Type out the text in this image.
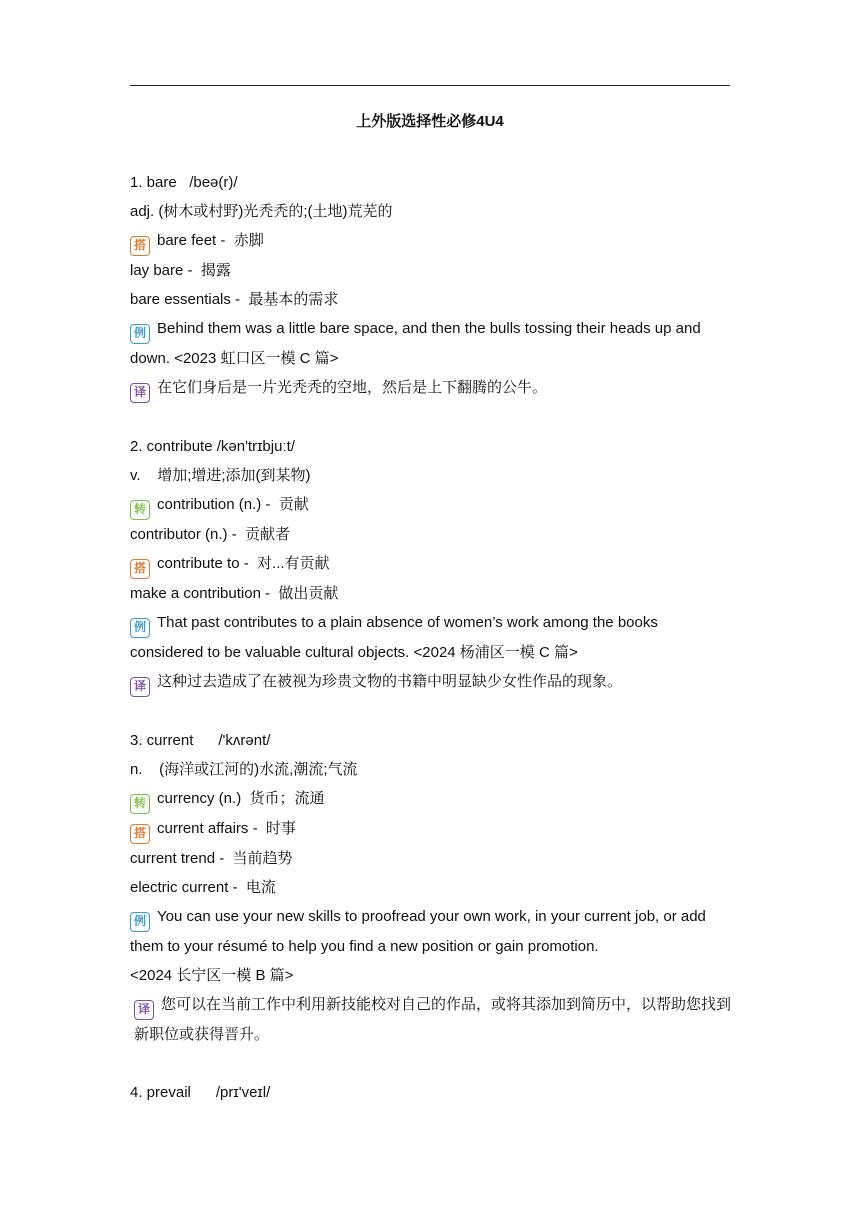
上外版选择性必修4U4
1. bare   /beə(r)/
adj. (树木或村野)光秃秃的;(土地)荒芜的
搭 bare feet -  赤脚
lay bare -  揭露
bare essentials -  最基本的需求
例 Behind them was a little bare space, and then the bulls tossing their heads up and down. <2023 虹口区一模 C 篇>
译 在它们身后是一片光秃秃的空地，然后是上下翻腾的公牛。
2. contribute /kən'trɪbjuːt/
v.    增加;增进;添加(到某物)
转 contribution (n.) -  贡献
contributor (n.) -  贡献者
搭 contribute to -  对...有贡献
make a contribution -  做出贡献
例 That past contributes to a plain absence of women’s work among the books considered to be valuable cultural objects. <2024 杨浦区一模 C 篇>
译 这种过去造成了在被视为珍贵文物的书籍中明显缺少女性作品的现象。
3. current      /'kʌrənt/
n.    (海洋或江河的)水流,潮流;气流
转 currency (n.)  货币；流通
搭 current affairs -  时事
current trend -  当前趋势
electric current -  电流
例 You can use your new skills to proofread your own work, in your current job, or add them to your résumé to help you find a new position or gain promotion.
<2024 长宁区一模 B 篇>
译 您可以在当前工作中利用新技能校对自己的作品，或将其添加到简历中，以帮助您找到新职位或获得晋升。
4. prevail      /prɪ'veɪl/
